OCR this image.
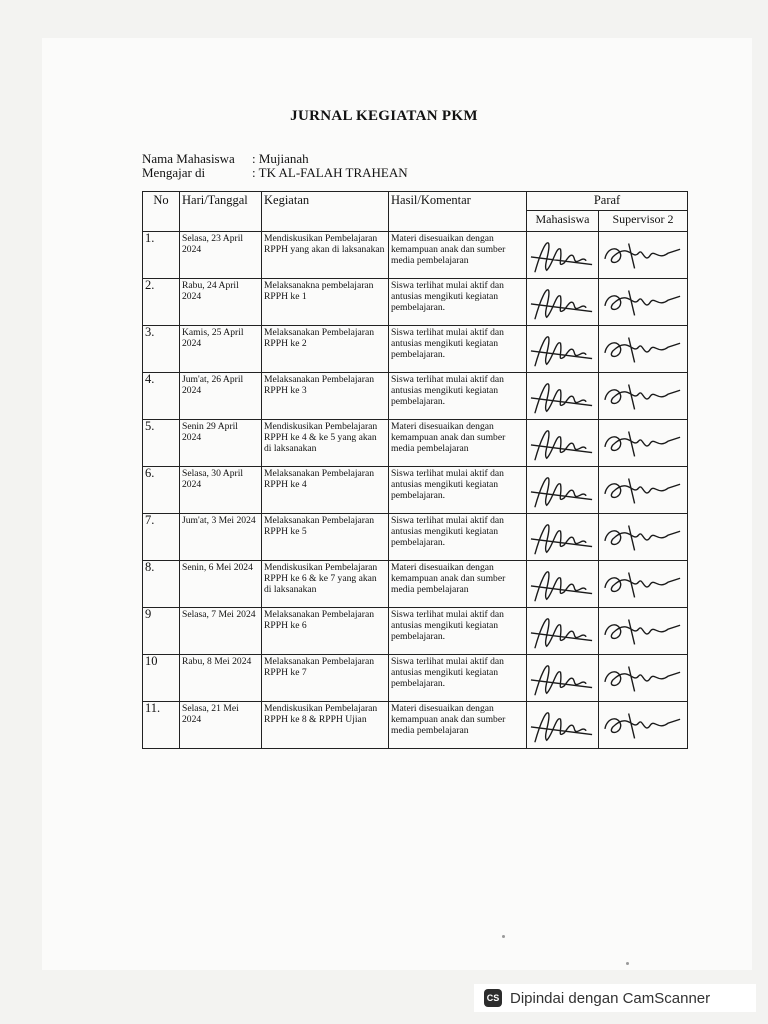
JURNAL KEGIATAN PKM
Nama Mahasiswa : Mujianah
Mengajar di	: TK AL-FALAH TRAHEAN
No	Hari/Tanggal	Kegiatan	Hasil/Komentar	Paraf	
				Mahasiswa	Supervisor 2
1.	Selasa, 23 April 2024	Mendiskusikan Pembelajaran RPPH yang akan di laksanakan	Materi disesuaikan dengan kemampuan anak dan sumber media pembelajaran	

2.	Rabu, 24 April 2024	Melaksanakna pembelajaran RPPH ke 1	Siswa terlihat mulai aktif dan antusias mengikuti kegiatan pembelajaran.	

3.	Kamis, 25 April 2024	Melaksanakan Pembelajaran RPPH ke 2	Siswa terlihat mulai aktif dan antusias mengikuti kegiatan pembelajaran.	

4.	Jum'at, 26 April 2024	Melaksanakan Pembelajaran RPPH ke 3	Siswa terlihat mulai aktif dan antusias mengikuti kegiatan pembelajaran.	

5.	Senin 29 April 2024	Mendiskusikan Pembelajaran RPPH ke 4 & ke 5 yang akan di laksanakan	Materi disesuaikan dengan kemampuan anak dan sumber media pembelajaran	

6.	Selasa, 30 April 2024	Melaksanakan Pembelajaran RPPH ke 4	Siswa terlihat mulai aktif dan antusias mengikuti kegiatan pembelajaran.	

7.	Jum'at, 3 Mei 2024	Melaksanakan Pembelajaran RPPH ke 5	Siswa terlihat mulai aktif dan antusias mengikuti kegiatan pembelajaran.	

8.	Senin, 6 Mei 2024	Mendiskusikan Pembelajaran RPPH ke 6 & ke 7 yang akan di laksanakan	Materi disesuaikan dengan kemampuan anak dan sumber media pembelajaran	

9	Selasa, 7 Mei 2024	Melaksanakan Pembelajaran RPPH ke 6	Siswa terlihat mulai aktif dan antusias mengikuti kegiatan pembelajaran.	

10	Rabu, 8 Mei 2024	Melaksanakan Pembelajaran RPPH ke 7	Siswa terlihat mulai aktif dan antusias mengikuti kegiatan pembelajaran.	

11.	Selasa, 21 Mei 2024	Mendiskusikan Pembelajaran RPPH ke 8 & RPPH Ujian	Materi disesuaikan dengan kemampuan anak dan sumber media pembelajaran	

CS Dipindai dengan CamScanner
